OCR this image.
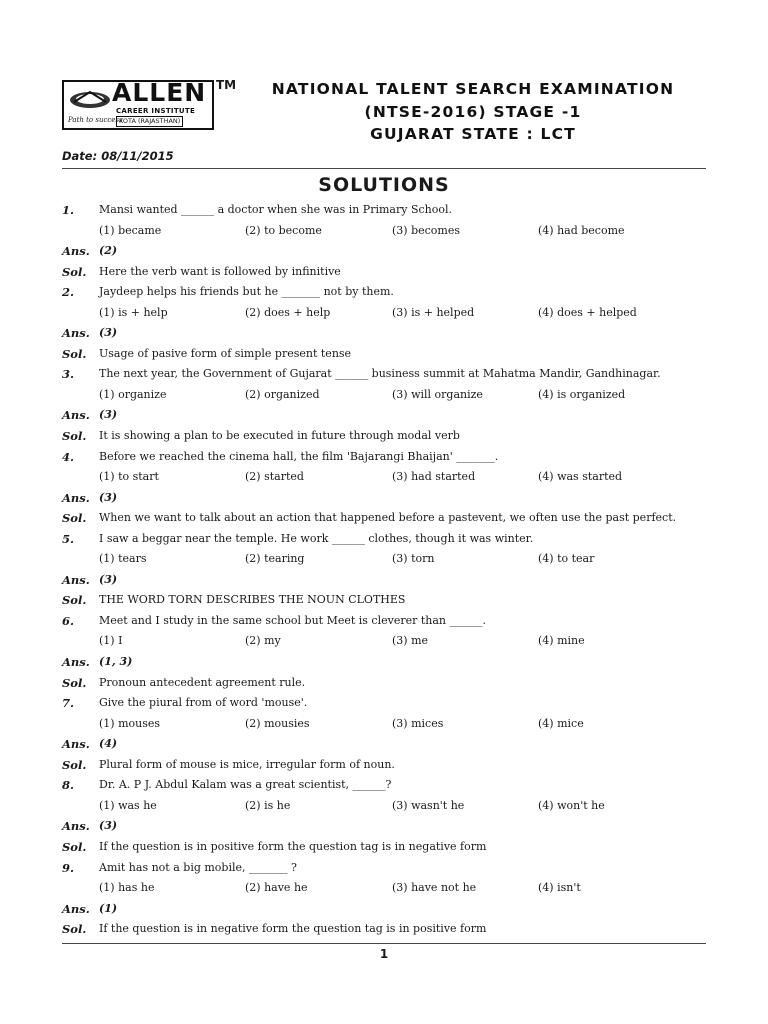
ALLEN
CAREER INSTITUTE
KOTA (RAJASTHAN)
Path to success
TM	NATIONAL TALENT SEARCH EXAMINATION
(NTSE-2016) STAGE -1
GUJARAT STATE : LCT
Date: 08/11/2015
SOLUTIONS
1. Mansi wanted ______ a doctor when she was in Primary School.
(1) became	(2) to become	(3) becomes	(4) had become
Ans. (2)
Sol. Here the verb want is followed by infinitive
2. Jaydeep helps his friends but he _______ not by them.
(1) is + help	(2) does + help	(3) is + helped	(4) does + helped
Ans. (3)
Sol. Usage of pasive form of simple present tense
3. The next year, the Government of Gujarat ______ business summit at Mahatma Mandir, Gandhinagar.
(1) organize	(2) organized	(3) will organize	(4) is organized
Ans. (3)
Sol. It is showing a plan to be executed in future through modal verb
4. Before we reached the cinema hall, the film 'Bajarangi Bhaijan' _______.
(1) to start	(2) started	(3) had started	(4) was started
Ans. (3)
Sol. When we want to talk about an action that happened before a pastevent, we often use the past perfect.
5. I saw a beggar near the temple. He work ______ clothes, though it was winter.
(1) tears	(2) tearing	(3) torn	(4) to tear
Ans. (3)
Sol. THE WORD TORN DESCRIBES THE NOUN CLOTHES
6. Meet and I study in the same school but Meet is cleverer than ______.
(1) I	(2) my	(3) me	(4) mine
Ans. (1, 3)
Sol. Pronoun antecedent agreement rule.
7. Give the piural from of word 'mouse'.
(1) mouses	(2) mousies	(3) mices	(4) mice
Ans. (4)
Sol. Plural form of mouse is mice, irregular form of noun.
8. Dr. A. P J. Abdul Kalam was a great scientist, ______?
(1) was he	(2) is he	(3) wasn't he	(4) won't he
Ans. (3)
Sol. If the question is in positive form the question tag is in negative form
9. Amit has not a big mobile, _______ ?
(1) has he	(2) have he	(3) have not he	(4) isn't
Ans. (1)
Sol. If the question is in negative form the question tag is in positive form
1
